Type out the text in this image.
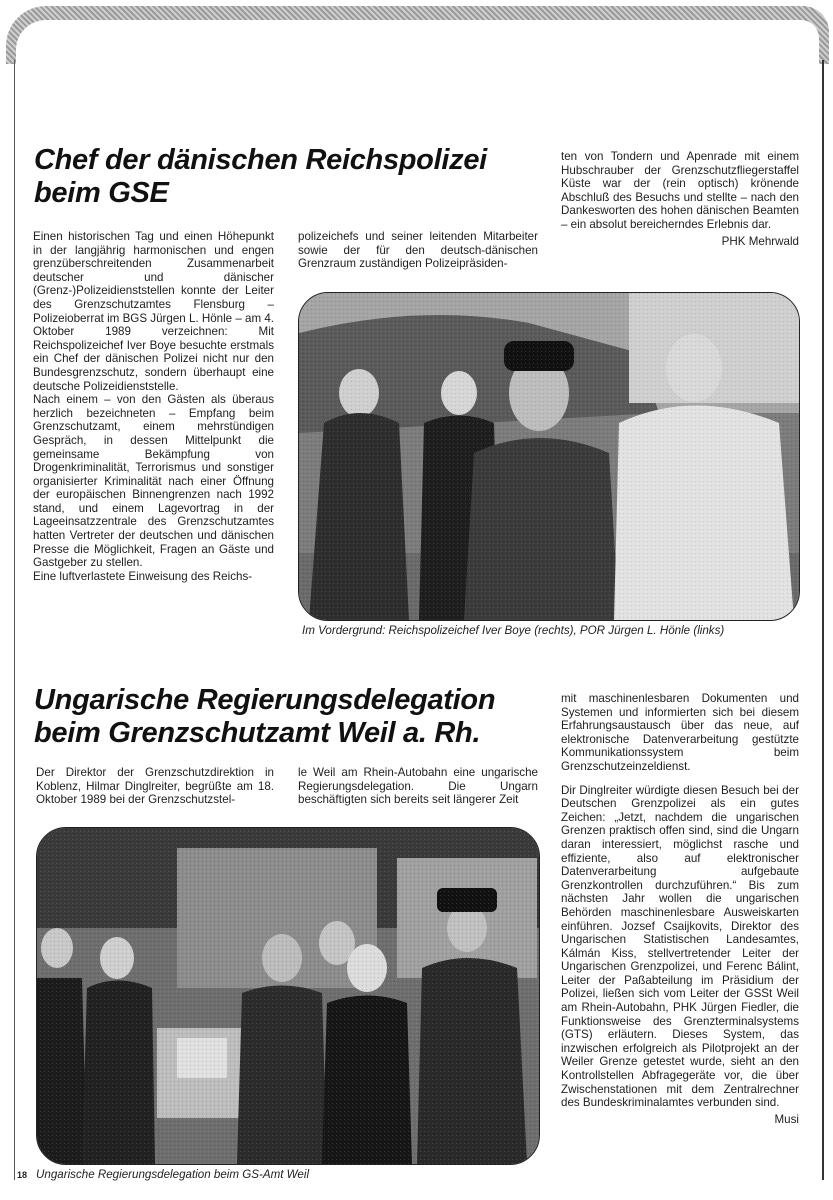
Chef der dänischen Reichspolizei
beim GSE

Einen historischen Tag und einen Höhepunkt in der langjährig harmonischen und engen grenzüberschreitenden Zusammenarbeit deutscher und dänischer (Grenz-)Polizeidienststellen konnte der Leiter des Grenzschutzamtes Flensburg – Polizeioberrat im BGS Jürgen L. Hönle – am 4. Oktober 1989 verzeichnen: Mit Reichspolizeichef Iver Boye besuchte erstmals ein Chef der dänischen Polizei nicht nur den Bundesgrenzschutz, sondern überhaupt eine deutsche Polizeidienststelle.

Nach einem – von den Gästen als überaus herzlich bezeichneten – Empfang beim Grenzschutzamt, einem mehrstündigen Gespräch, in dessen Mittelpunkt die gemeinsame Bekämpfung von Drogenkriminalität, Terrorismus und sonstiger organisierter Kriminalität nach einer Öffnung der europäischen Binnengrenzen nach 1992 stand, und einem Lagevortrag in der Lageeinsatzzentrale des Grenzschutzamtes hatten Vertreter der deutschen und dänischen Presse die Möglichkeit, Fragen an Gäste und Gastgeber zu stellen.

Eine luftverlastete Einweisung des Reichs-

polizeichefs und seiner leitenden Mitarbeiter sowie der für den deutsch-dänischen Grenzraum zuständigen Polizeipräsiden-

ten von Tondern und Apenrade mit einem Hubschrauber der Grenzschutzfliegerstaffel Küste war der (rein optisch) krönende Abschluß des Besuchs und stellte – nach den Dankesworten des hohen dänischen Beamten – ein absolut bereicherndes Erlebnis dar.

PHK Mehrwald

Im Vordergrund: Reichspolizeichef Iver Boye (rechts), POR Jürgen L. Hönle (links)

Ungarische Regierungsdelegation
beim Grenzschutzamt Weil a. Rh.

Der Direktor der Grenzschutzdirektion in Koblenz, Hilmar Dinglreiter, begrüßte am 18. Oktober 1989 bei der Grenzschutzstel-

le Weil am Rhein-Autobahn eine ungarische Regierungsdelegation. Die Ungarn beschäftigten sich bereits seit längerer Zeit

mit maschinenlesbaren Dokumenten und Systemen und informierten sich bei diesem Erfahrungsaustausch über das neue, auf elektronische Datenverarbeitung gestützte Kommunikationssystem beim Grenzschutzeinzeldienst.

Dir Dinglreiter würdigte diesen Besuch bei der Deutschen Grenzpolizei als ein gutes Zeichen: „Jetzt, nachdem die ungarischen Grenzen praktisch offen sind, sind die Ungarn daran interessiert, möglichst rasche und effiziente, also auf elektronischer Datenverarbeitung aufgebaute Grenzkontrollen durchzuführen.“ Bis zum nächsten Jahr wollen die ungarischen Behörden maschinenlesbare Ausweiskarten einführen. Jozsef Csaijkovits, Direktor des Ungarischen Statistischen Landesamtes, Kálmán Kiss, stellvertretender Leiter der Ungarischen Grenzpolizei, und Ferenc Bálint, Leiter der Paßabteilung im Präsidium der Polizei, ließen sich vom Leiter der GSSt Weil am Rhein-Autobahn, PHK Jürgen Fiedler, die Funktionsweise des Grenzterminalsystems (GTS) erläutern. Dieses System, das inzwischen erfolgreich als Pilotprojekt an der Weiler Grenze getestet wurde, sieht an den Kontrollstellen Abfragegeräte vor, die über Zwischenstationen mit dem Zentralrechner des Bundeskriminalamtes verbunden sind.

Musi

Ungarische Regierungsdelegation beim GS-Amt Weil

18
